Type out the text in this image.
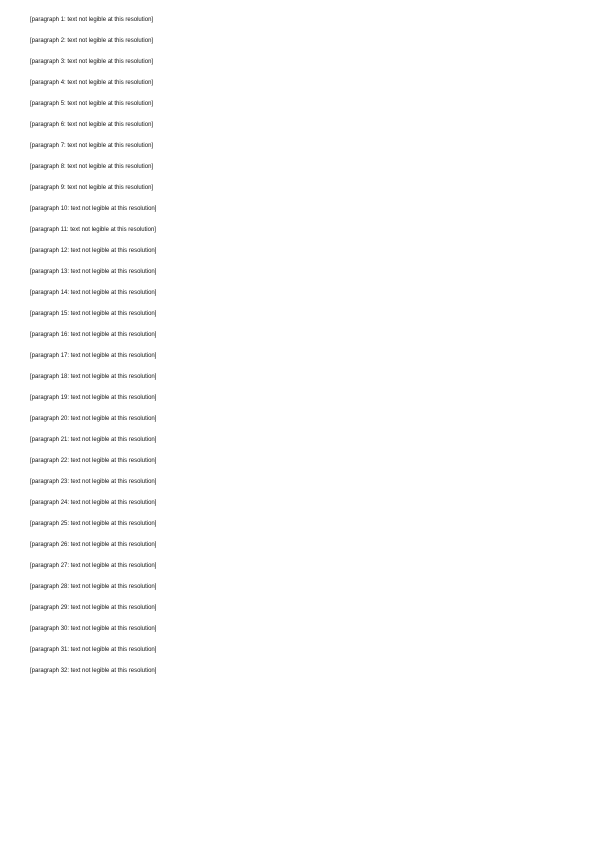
[paragraph 1: text not legible at this resolution]

[paragraph 2: text not legible at this resolution]

[paragraph 3: text not legible at this resolution]

[paragraph 4: text not legible at this resolution]

[paragraph 5: text not legible at this resolution]

[paragraph 6: text not legible at this resolution]

[paragraph 7: text not legible at this resolution]

[paragraph 8: text not legible at this resolution]

[paragraph 9: text not legible at this resolution]

[paragraph 10: text not legible at this resolution]

[paragraph 11: text not legible at this resolution]

[paragraph 12: text not legible at this resolution]

[paragraph 13: text not legible at this resolution]

[paragraph 14: text not legible at this resolution]

[paragraph 15: text not legible at this resolution]

[paragraph 16: text not legible at this resolution]

[paragraph 17: text not legible at this resolution]

[paragraph 18: text not legible at this resolution]

[paragraph 19: text not legible at this resolution]

[paragraph 20: text not legible at this resolution]

[paragraph 21: text not legible at this resolution]

[paragraph 22: text not legible at this resolution]

[paragraph 23: text not legible at this resolution]

[paragraph 24: text not legible at this resolution]

[paragraph 25: text not legible at this resolution]

[paragraph 26: text not legible at this resolution]

[paragraph 27: text not legible at this resolution]

[paragraph 28: text not legible at this resolution]

[paragraph 29: text not legible at this resolution]

[paragraph 30: text not legible at this resolution]

[paragraph 31: text not legible at this resolution]

[paragraph 32: text not legible at this resolution]
